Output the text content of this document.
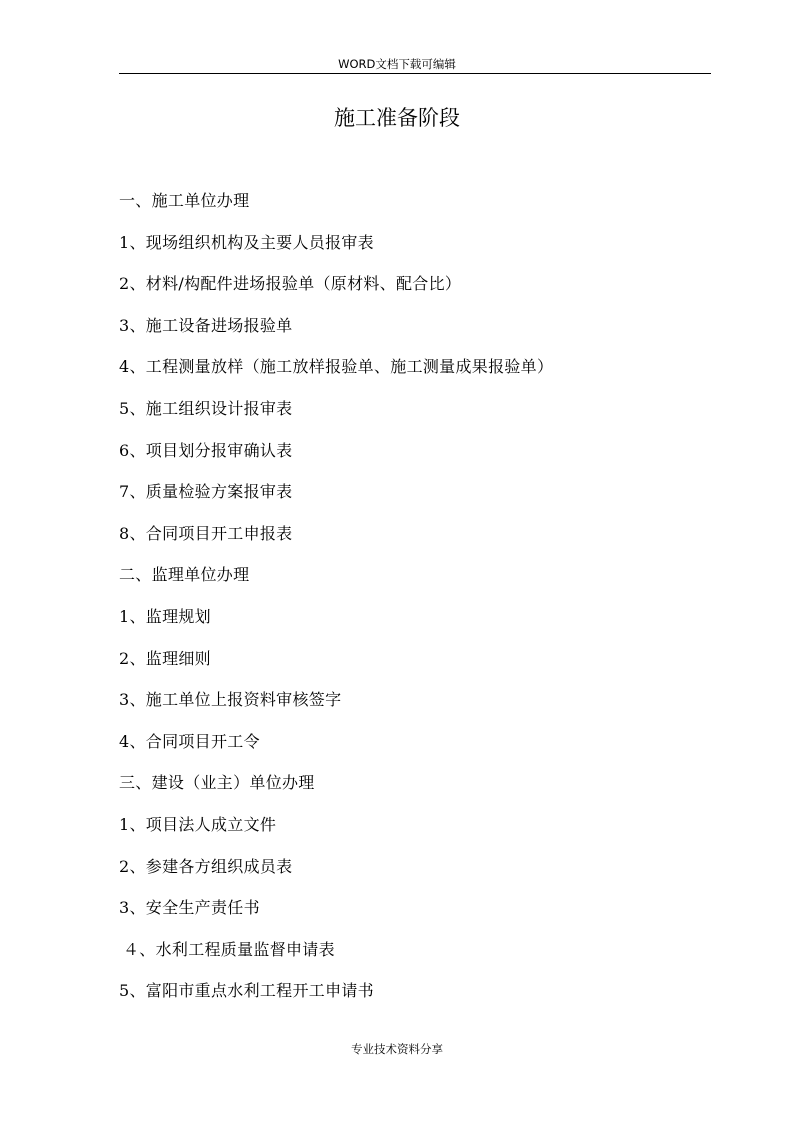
WORD文档下载可编辑
施工准备阶段
一、施工单位办理
1、现场组织机构及主要人员报审表
2、材料/构配件进场报验单（原材料、配合比）
3、施工设备进场报验单
4、工程测量放样（施工放样报验单、施工测量成果报验单）
5、施工组织设计报审表
6、项目划分报审确认表
7、质量检验方案报审表
8、合同项目开工申报表
二、监理单位办理
1、监理规划
2、监理细则
3、施工单位上报资料审核签字
4、合同项目开工令
三、建设（业主）单位办理
1、项目法人成立文件
2、参建各方组织成员表
3、安全生产责任书
４、水利工程质量监督申请表
5、富阳市重点水利工程开工申请书
专业技术资料分享
